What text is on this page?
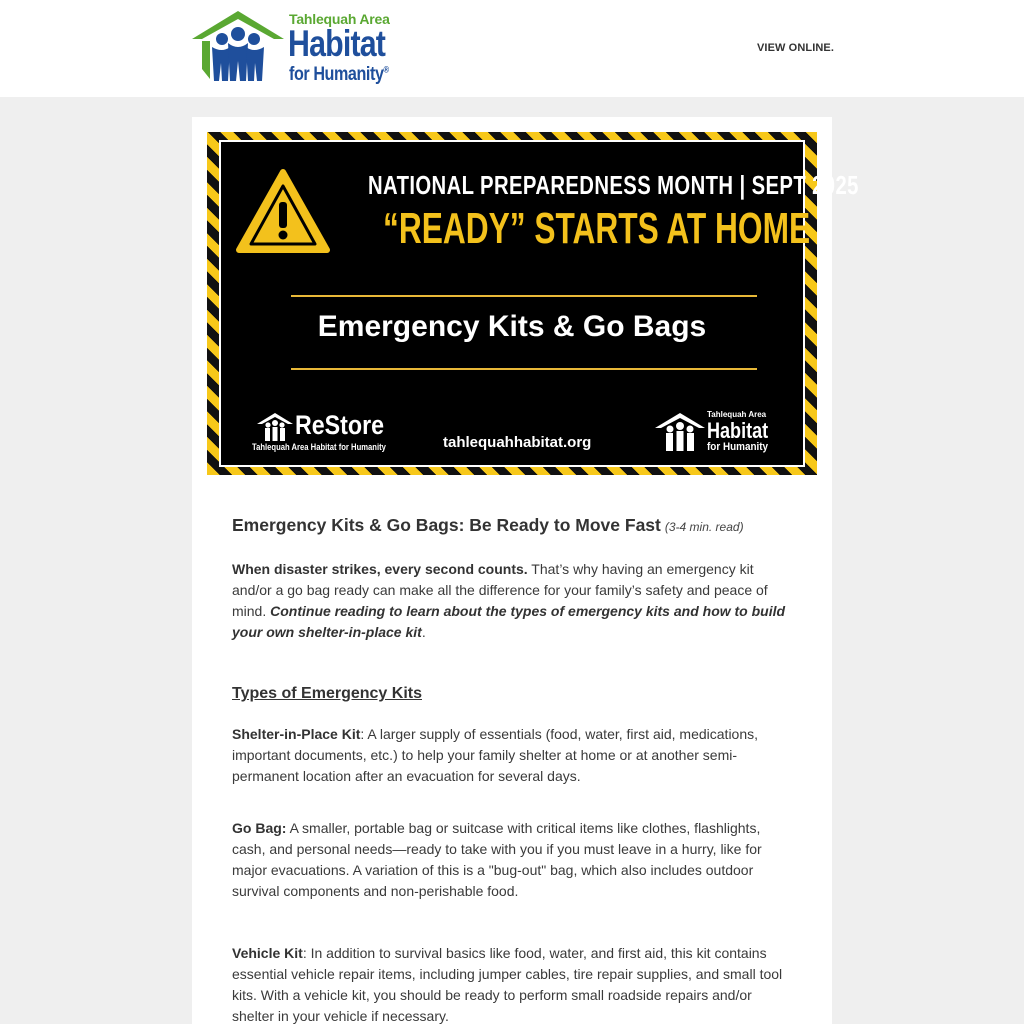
Tahlequah Area
Habitat
for Humanity®
VIEW ONLINE.
NATIONAL PREPAREDNESS MONTH | SEPT 2025
“READY” STARTS AT HOME
Emergency Kits & Go Bags
ReStore
Tahlequah Area Habitat for Humanity	tahlequahhabitat.org
Tahlequah Area
Habitat
for Humanity
Emergency Kits & Go Bags: Be Ready to Move Fast (3-4 min. read)

When disaster strikes, every second counts. That’s why having an emergency kit and/or a go bag ready can make all the difference for your family’s safety and peace of mind. Continue reading to learn about the types of emergency kits and how to build your own shelter-in-place kit.

Types of Emergency Kits

Shelter-in-Place Kit: A larger supply of essentials (food, water, first aid, medications, important documents, etc.) to help your family shelter at home or at another semi-permanent location after an evacuation for several days.

Go Bag: A smaller, portable bag or suitcase with critical items like clothes, flashlights, cash, and personal needs—ready to take with you if you must leave in a hurry, like for major evacuations. A variation of this is a "bug-out" bag, which also includes outdoor survival components and non-perishable food.

Vehicle Kit: In addition to survival basics like food, water, and first aid, this kit contains essential vehicle repair items, including jumper cables, tire repair supplies, and small tool kits. With a vehicle kit, you should be ready to perform small roadside repairs and/or shelter in your vehicle if necessary.
